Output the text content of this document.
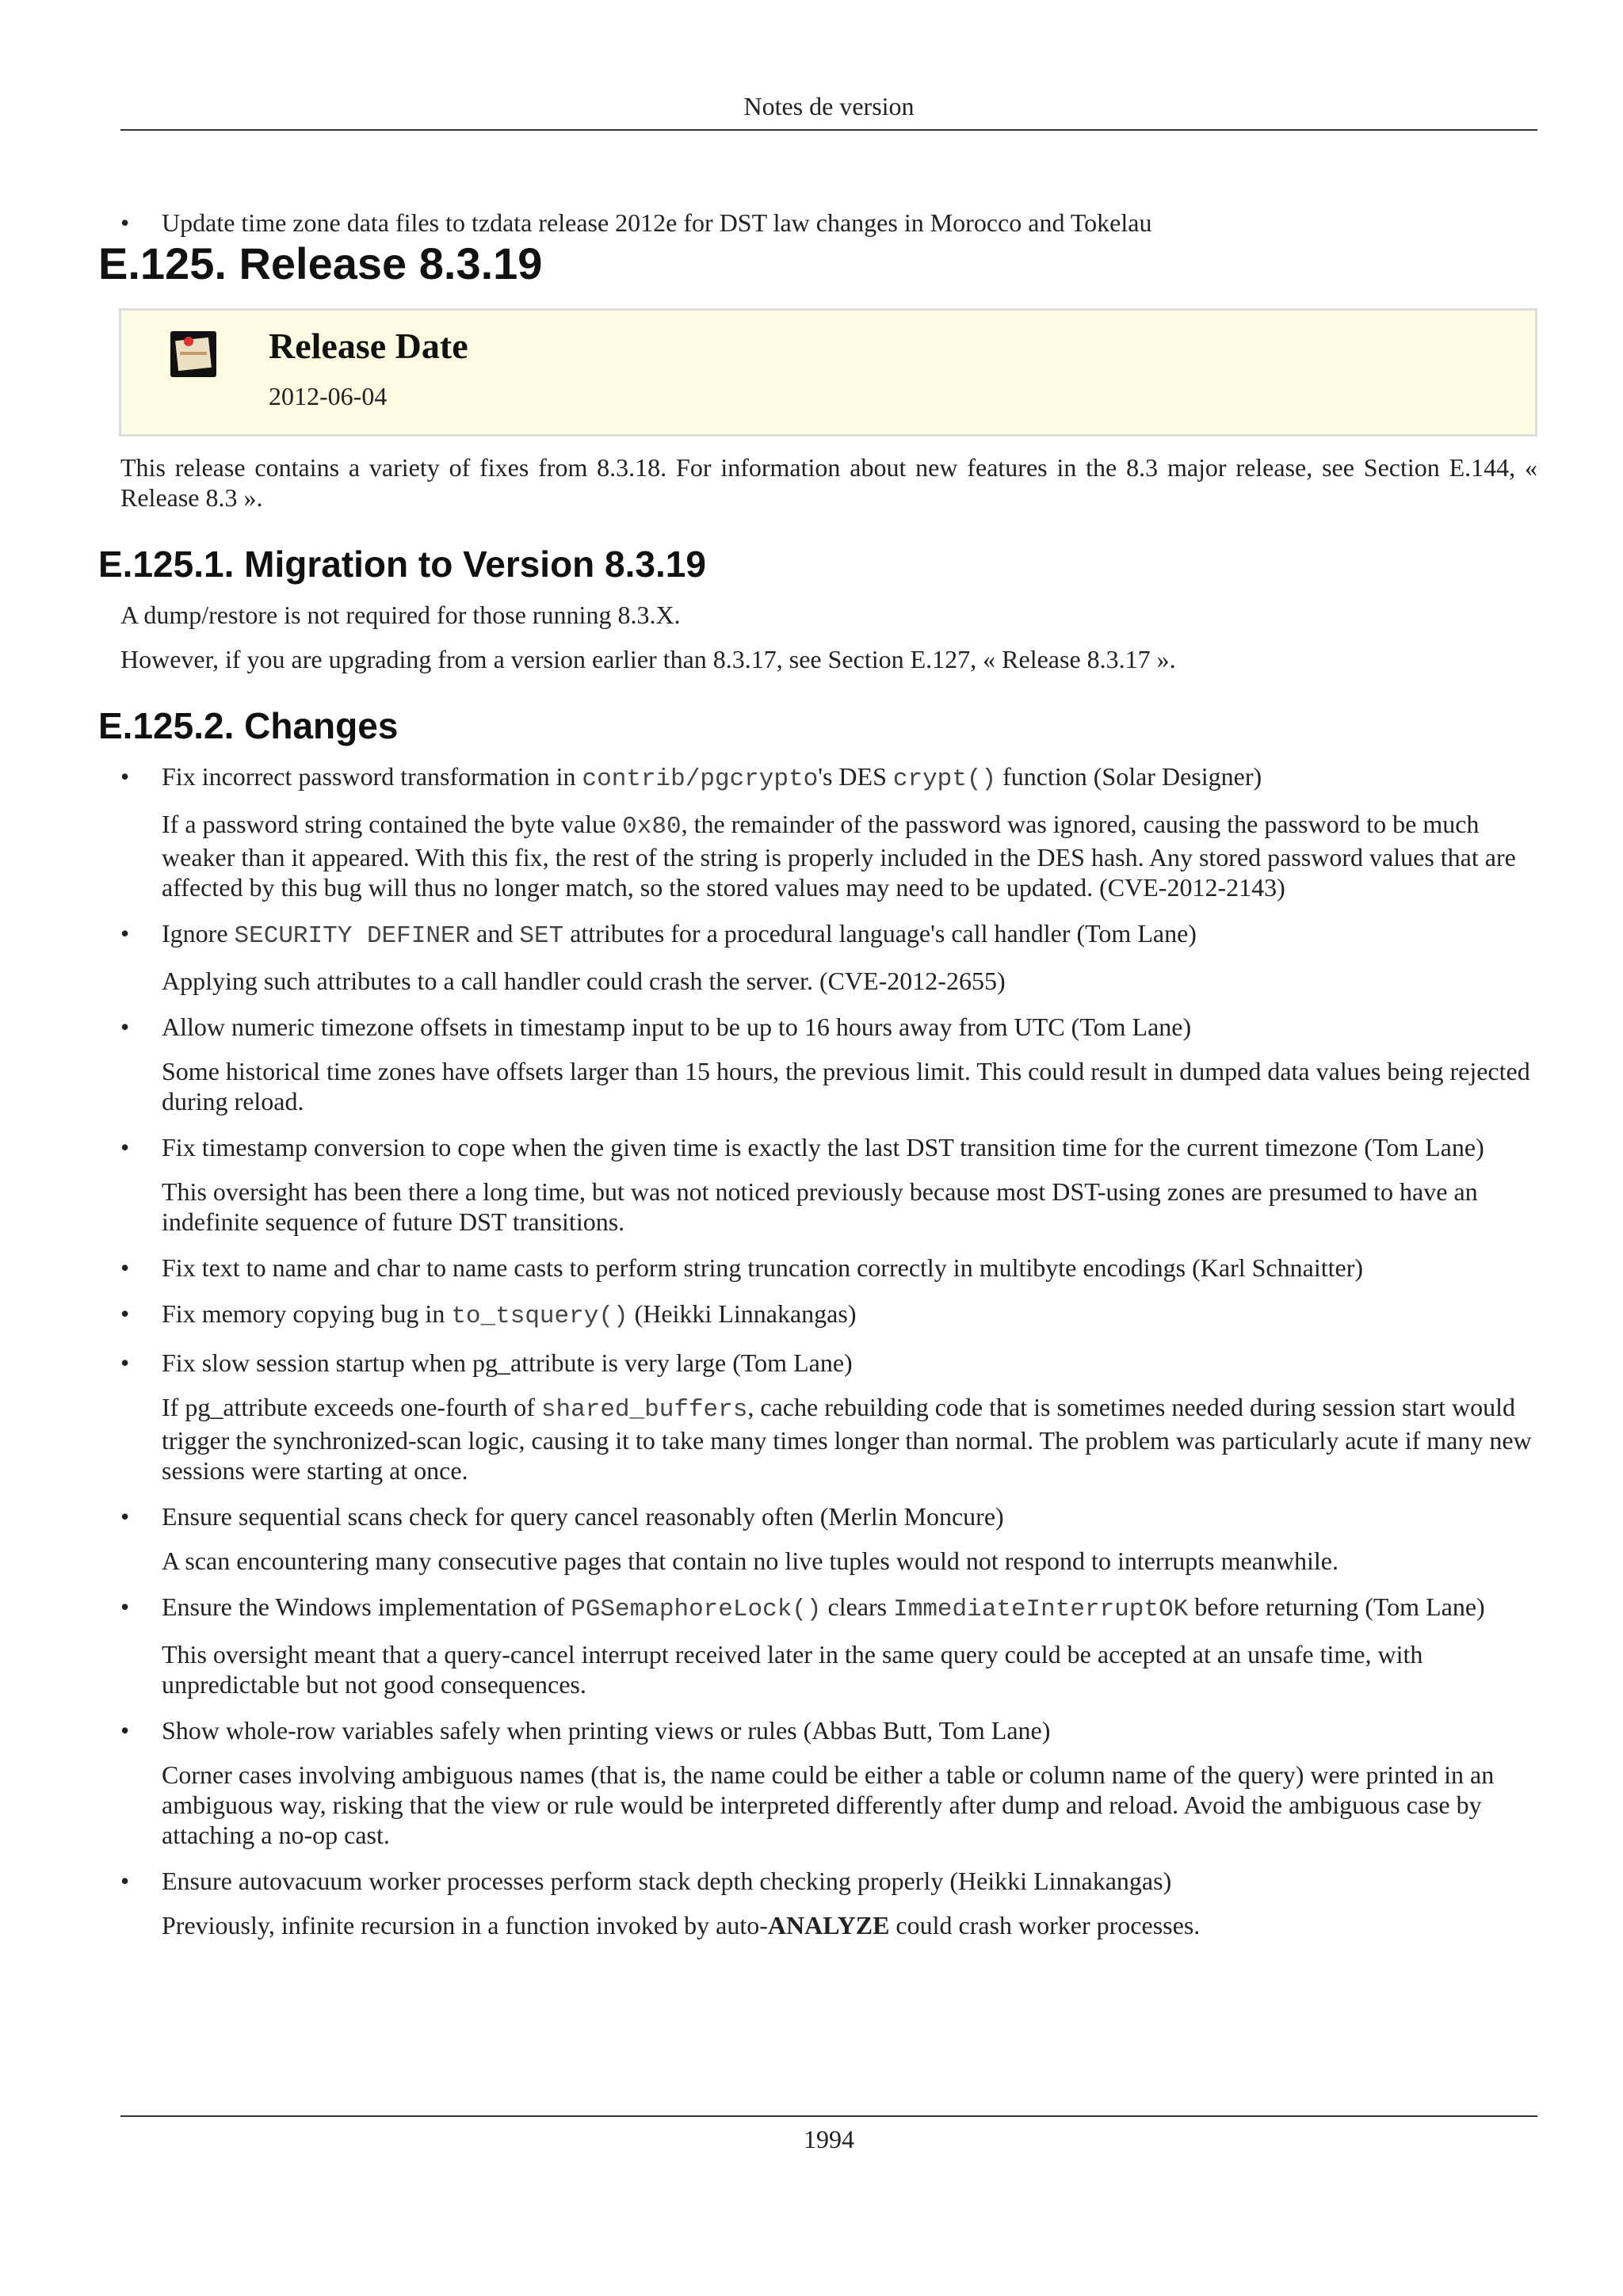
Notes de version
• Update time zone data files to tzdata release 2012e for DST law changes in Morocco and Tokelau

E.125. Release 8.3.19
Release Date
2012-06-04

This release contains a variety of fixes from 8.3.18. For information about new features in the 8.3 major release, see Section E.144, « Release 8.3 ».

E.125.1. Migration to Version 8.3.19

A dump/restore is not required for those running 8.3.X.

However, if you are upgrading from a version earlier than 8.3.17, see Section E.127, « Release 8.3.17 ».

E.125.2. Changes
• Fix incorrect password transformation in contrib/pgcrypto's DES crypt() function (Solar Designer)

If a password string contained the byte value 0x80, the remainder of the password was ignored, causing the password to be much weaker than it appeared. With this fix, the rest of the string is properly included in the DES hash. Any stored password values that are affected by this bug will thus no longer match, so the stored values may need to be updated. (CVE-2012-2143)

• Ignore SECURITY DEFINER and SET attributes for a procedural language's call handler (Tom Lane)

Applying such attributes to a call handler could crash the server. (CVE-2012-2655)

• Allow numeric timezone offsets in timestamp input to be up to 16 hours away from UTC (Tom Lane)

Some historical time zones have offsets larger than 15 hours, the previous limit. This could result in dumped data values being rejected during reload.

• Fix timestamp conversion to cope when the given time is exactly the last DST transition time for the current timezone (Tom Lane)

This oversight has been there a long time, but was not noticed previously because most DST-using zones are presumed to have an indefinite sequence of future DST transitions.

• Fix text to name and char to name casts to perform string truncation correctly in multibyte encodings (Karl Schnaitter)

• Fix memory copying bug in to_tsquery() (Heikki Linnakangas)

• Fix slow session startup when pg_attribute is very large (Tom Lane)

If pg_attribute exceeds one-fourth of shared_buffers, cache rebuilding code that is sometimes needed during session start would trigger the synchronized-scan logic, causing it to take many times longer than normal. The problem was particularly acute if many new sessions were starting at once.

• Ensure sequential scans check for query cancel reasonably often (Merlin Moncure)

A scan encountering many consecutive pages that contain no live tuples would not respond to interrupts meanwhile.

• Ensure the Windows implementation of PGSemaphoreLock() clears ImmediateInterruptOK before returning (Tom Lane)

This oversight meant that a query-cancel interrupt received later in the same query could be accepted at an unsafe time, with unpredictable but not good consequences.

• Show whole-row variables safely when printing views or rules (Abbas Butt, Tom Lane)

Corner cases involving ambiguous names (that is, the name could be either a table or column name of the query) were printed in an ambiguous way, risking that the view or rule would be interpreted differently after dump and reload. Avoid the ambiguous case by attaching a no-op cast.

• Ensure autovacuum worker processes perform stack depth checking properly (Heikki Linnakangas)

Previously, infinite recursion in a function invoked by auto-ANALYZE could crash worker processes.

1994
